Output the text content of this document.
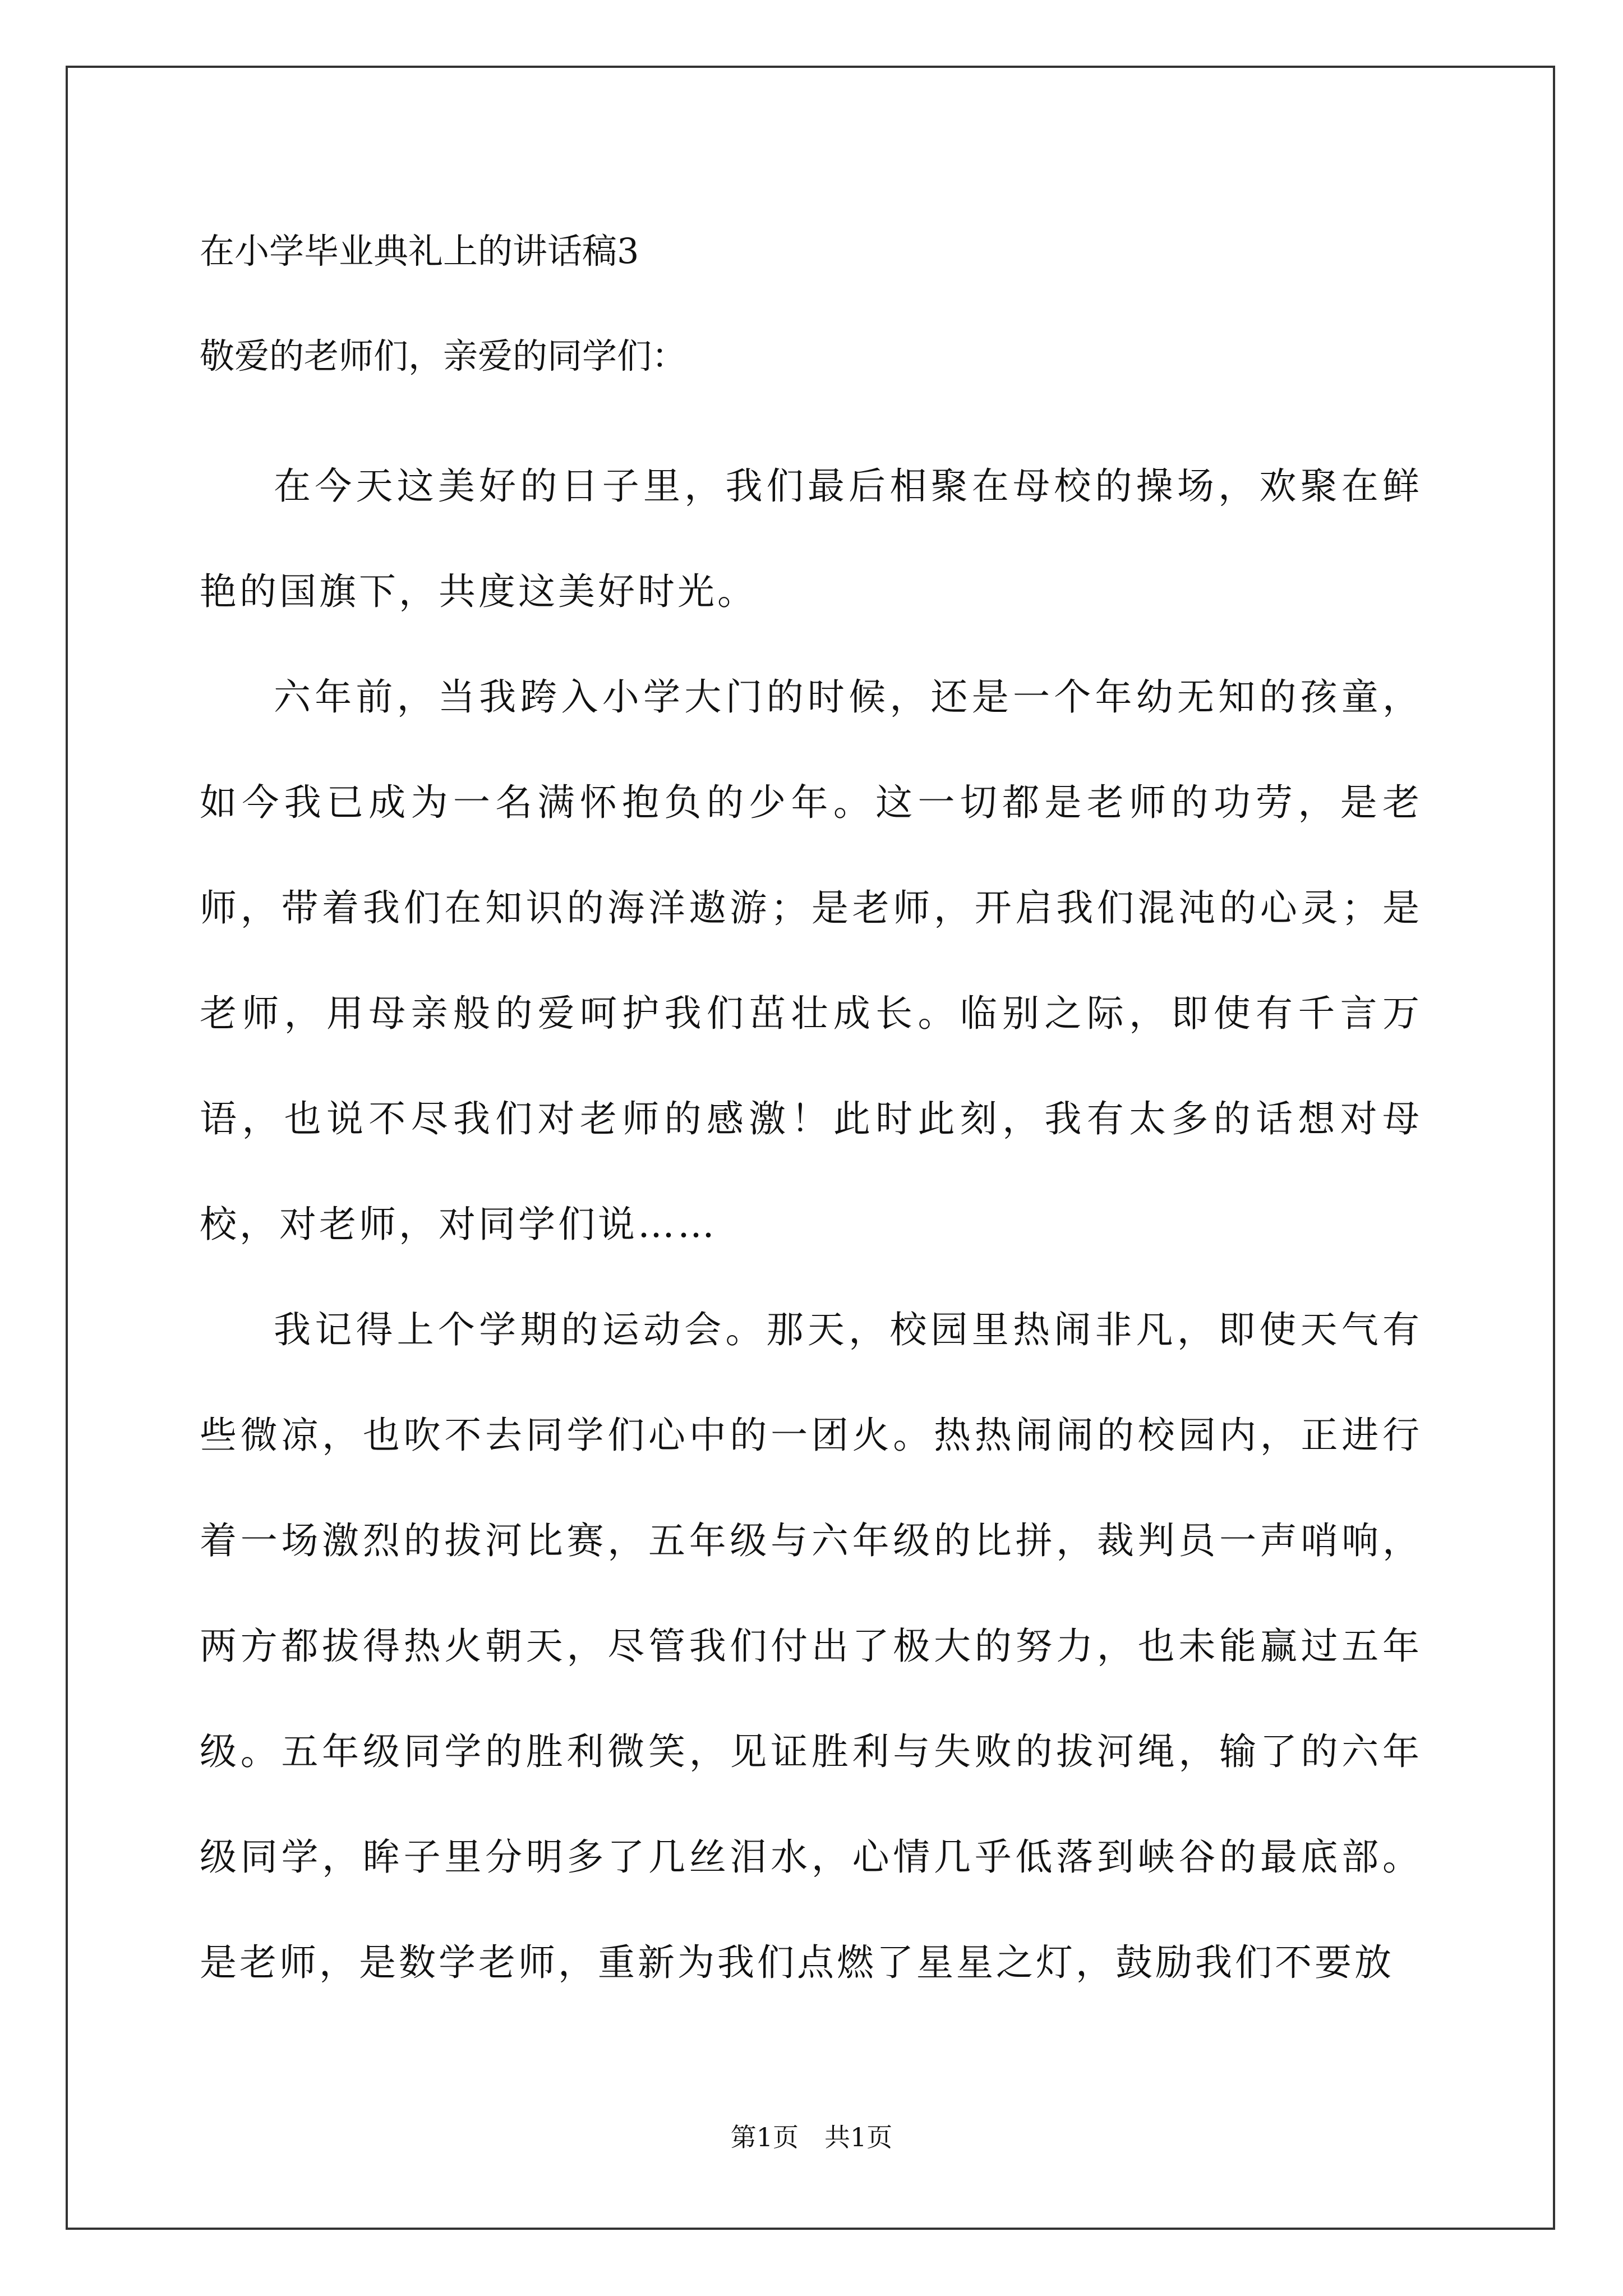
在小学毕业典礼上的讲话稿3
敬爱的老师们，亲爱的同学们：

在今天这美好的日子里，我们最后相聚在母校的操场，欢聚在鲜艳的国旗下，共度这美好时光。

六年前，当我跨入小学大门的时候，还是一个年幼无知的孩童，如今我已成为一名满怀抱负的少年。这一切都是老师的功劳，是老师，带着我们在知识的海洋遨游；是老师，开启我们混沌的心灵；是老师，用母亲般的爱呵护我们茁壮成长。临别之际，即使有千言万语，也说不尽我们对老师的感激！此时此刻，我有太多的话想对母校，对老师，对同学们说……

我记得上个学期的运动会。那天，校园里热闹非凡，即使天气有些微凉，也吹不去同学们心中的一团火。热热闹闹的校园内，正进行着一场激烈的拔河比赛，五年级与六年级的比拼，裁判员一声哨响，两方都拔得热火朝天，尽管我们付出了极大的努力，也未能赢过五年级。五年级同学的胜利微笑，见证胜利与失败的拔河绳，输了的六年级同学，眸子里分明多了几丝泪水，心情几乎低落到峡谷的最底部。是老师，是数学老师，重新为我们点燃了星星之灯，鼓励我们不要放

第1页 共1页
